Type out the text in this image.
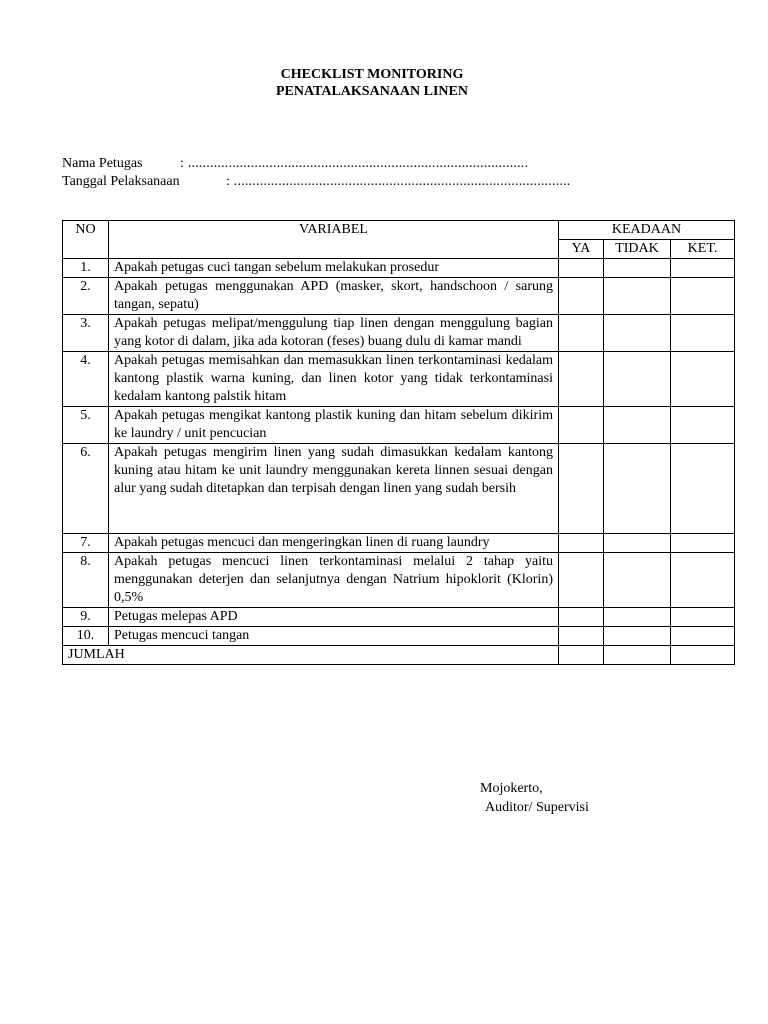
CHECKLIST MONITORING
PENATALAKSANAAN LINEN
Nama Petugas	: ............................................................................................
Tanggal Pelaksanaan	: ...........................................................................................
NO	VARIABEL	KEADAAN		
		YA	TIDAK	KET.
1.	Apakah petugas cuci tangan sebelum melakukan prosedur			
2.	Apakah petugas menggunakan APD (masker, skort, handschoon / sarung tangan, sepatu)			
3.	Apakah petugas melipat/menggulung tiap linen dengan menggulung bagian yang kotor di dalam, jika ada kotoran (feses) buang dulu di kamar mandi			
4.	Apakah petugas memisahkan dan memasukkan linen terkontaminasi kedalam kantong plastik warna kuning, dan linen kotor yang tidak terkontaminasi kedalam kantong palstik hitam			
5.	Apakah petugas mengikat kantong plastik kuning dan hitam sebelum dikirim ke laundry / unit pencucian			
6.	Apakah petugas mengirim linen yang sudah dimasukkan kedalam kantong kuning atau hitam ke unit laundry menggunakan kereta linnen sesuai dengan alur yang sudah ditetapkan dan terpisah dengan linen yang sudah bersih			
7.	Apakah petugas mencuci dan mengeringkan linen di ruang laundry			
8.	Apakah petugas mencuci linen terkontaminasi melalui 2 tahap yaitu menggunakan deterjen dan selanjutnya dengan Natrium hipoklorit (Klorin) 0,5%			
9.	Petugas melepas APD			
10.	Petugas mencuci tangan			
JUMLAH				
Mojokerto,
Auditor/ Supervisi
